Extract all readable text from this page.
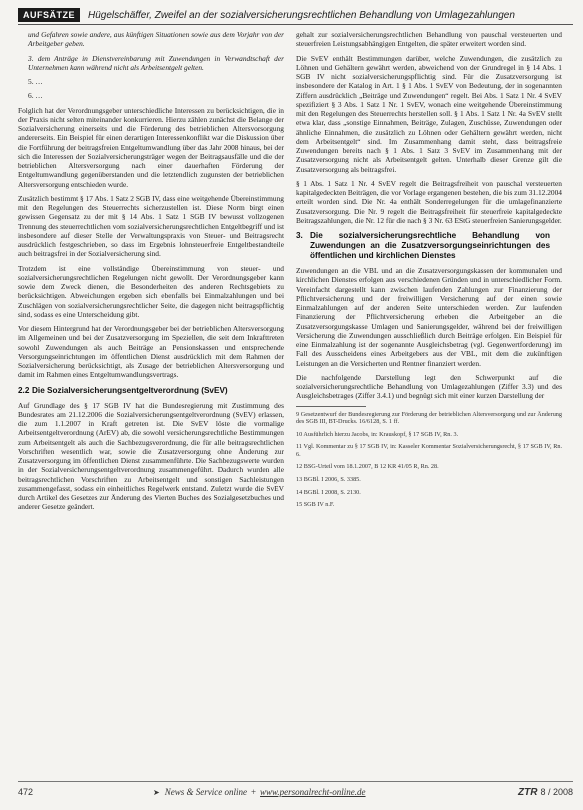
AUFSÄTZE	Hügelschäffer, Zweifel an der sozialversicherungsrechtlichen Behandlung von Umlagezahlungen

und Gefahren sowie andere, aus künftigen Situationen sowie aus dem Vorjahr von der Arbeitgeber geben.

3. dem Anträge in Dienstvereinbarung mit Zuwendungen in Verwandtschaft der Unternehmen kann während nicht als Arbeitsentgelt gelten.

5. …

6. …

Folglich hat der Verordnungsgeber unterschiedliche Interessen zu berücksichtigen, die in der Praxis nicht selten miteinander konkurrieren. Hierzu zählen zunächst die Belange der Sozialversicherung einerseits und die Förderung des betrieblichen Altersvorsorgung andererseits. Ein Beispiel für einen derartigen Interessenkonflikt war die Diskussion über die Fortführung der beitragsfreien Entgeltumwandlung über das Jahr 2008 hinaus, bei der sich die Interessen der Sozialversicherungsträger wegen der Beitragsausfälle und die der betrieblichen Altersversorgung nach einer dauerhaften Förderung der Entgeltumwandlung gegenüberstanden und die letztendlich zugunsten der betrieblichen Altersversorgung entschieden wurde.

Zusätzlich bestimmt § 17 Abs. 1 Satz 2 SGB IV, dass eine weitgehende Übereinstimmung mit den Regelungen des Steuerrechts sicherzustellen ist. Diese Norm birgt einen gewissen Gegensatz zu der mit § 14 Abs. 1 Satz 1 SGB IV bewusst vollzogenen Trennung des steuerrechtlichen vom sozialversicherungsrechtlichen Entgeltbegriff und ist insbesondere auf dieser Stelle der Verwaltungspraxis von Steuer- und Beitragsrecht ausdrücklich festgeschrieben, so dass im Ergebnis lohnsteuerfreie Entgeltbestandteile auch beitragsfrei in der Sozialversicherung sind.

Trotzdem ist eine vollständige Übereinstimmung von steuer- und sozialversicherungsrechtlichen Regelungen nicht gewollt. Der Verordnungsgeber kann sowie dem Zweck dienen, die Besonderheiten des anderen Rechtsgebiets zu berücksichtigen. Abweichungen ergeben sich ebenfalls bei Einmalzahlungen und bei Zuschlägen von sozialversicherungsrechtlicher Seite, die dagegen nicht beitragspflichtig sind, sodass es eine Unterscheidung gibt.

Vor diesem Hintergrund hat der Verordnungsgeber bei der betrieblichen Altersversorgung im Allgemeinen und bei der Zusatzversorgung im Speziellen, die seit dem Inkrafttreten sowohl Zuwendungen als auch Beiträge an Pensionskassen und entsprechende Versorgungseinrichtungen im öffentlichen Dienst ausdrücklich mit dem Rahmen der Sozialversicherung berücksichtigt, als Zusage der betrieblichen Altersversorgung und damit im Rahmen eines Entgeltumwandlungsvertrags.

2.2 Die Sozialversicherungsentgeltverordnung (SvEV)

Auf Grundlage des § 17 SGB IV hat die Bundesregierung mit Zustimmung des Bundesrates am 21.12.2006 die Sozialversicherungsentgeltverordnung (SvEV) erlassen, die zum 1.1.2007 in Kraft getreten ist. Die SvEV löste die vormalige Arbeitsentgeltverordnung (ArEV) ab, die sowohl versicherungsrechtliche Bestimmungen zum Arbeitsentgelt als auch die Sachbezugsverordnung, die für alle beitragsrechtlichen Vorschriften wesentlich war, sowie die Zusatzversorgung ohne Änderung zur Zusatzversorgung im öffentlichen Dienst zusammenführte. Die Sachbezugswerte wurden in der Sozialversicherungsentgeltverordnung zusammengeführt. Dadurch wurden alle beitragsrechtlichen Vorschriften zu Arbeitsentgelt und sonstigen Sachleistungen zusammengefasst, sodass ein einheitliches Regelwerk entstand. Zuletzt wurde die SvEV durch Artikel des Gesetzes zur Änderung des Vierten Buches des Sozialgesetzbuches und anderer Gesetze geändert.

gehalt zur sozialversicherungsrechtlichen Behandlung von pauschal versteuerten und steuerfreien Leistungsabhängigen Entgelten, die später erweitert worden sind.

Die SvEV enthält Bestimmungen darüber, welche Zuwendungen, die zusätzlich zu Löhnen und Gehältern gewährt werden, abweichend von der Grundregel in § 14 Abs. 1 SGB IV nicht sozialversicherungspflichtig sind. Für die Zusatzversorgung ist insbesondere der Katalog in Art. 1 § 1 Abs. 1 SvEV von Bedeutung, der in sogenannten Ziffern ausdrücklich „Beiträge und Zuwendungen“ regelt. Bei Abs. 1 Satz 1 Nr. 4 SvEV spezifiziert § 3 Abs. 1 Satz 1 Nr. 1 SvEV, wonach eine weitgehende Übereinstimmung mit den Regelungen des Steuerrechts herstellen soll. § 1 Abs. 1 Satz 1 Nr. 4a SvEV stellt etwa klar, dass „sonstige Einnahmen, Beiträge, Zulagen, Zuschüsse, Zuwendungen oder ähnliche Einnahmen, die zusätzlich zu Löhnen oder Gehältern gewährt werden, nicht dem Arbeitsentgelt“ sind. Im Zusammenhang damit steht, dass beitragsfreie Zuwendungen bereits nach § 1 Abs. 1 Satz 3 SvEV im Zusammenhang mit der Zusatzversorgung nicht als Arbeitsentgelt gelten. Unterhalb dieser Grenze gilt die Zusatzversorgung als beitragsfrei.

§ 1 Abs. 1 Satz 1 Nr. 4 SvEV regelt die Beitragsfreiheit von pauschal versteuerten kapitalgedeckten Beiträgen, die vor Vorlage ergangenen bestehen, die bis zum 31.12.2004 erteilt worden sind. Die Nr. 4a enthält Sonderregelungen für die umlagefinanzierte Zusatzversorgung. Die Nr. 9 regelt die Beitragsfreiheit für steuerfreie kapitalgedeckte Beitragszahlungen, die Nr. 12 für die nach § 3 Nr. 63 EStG steuerfreien Sanierungsgelder.

3. Die sozialversicherungsrechtliche Behandlung von Zuwendungen an die Zusatzversorgungseinrichtungen des öffentlichen und kirchlichen Dienstes

Zuwendungen an die VBL und an die Zusatzversorgungskassen der kommunalen und kirchlichen Dienstes erfolgen aus verschiedenen Gründen und in unterschiedlicher Form. Vereinfacht dargestellt kann zwischen laufenden Zahlungen zur Finanzierung der Pflichtversicherung und der freiwilligen Versicherung auf der einen sowie Einmalzahlungen auf der anderen Seite unterschieden werden. Zur laufenden Finanzierung der Pflichtversicherung erheben die Arbeitgeber an die Zusatzversorgungskasse Umlagen und Sanierungsgelder, während bei der freiwilligen Versicherung die Zuwendungen ausschließlich durch Beiträge erfolgen. Ein Beispiel für eine Einmalzahlung ist der sogenannte Ausgleichsbetrag (vgl. Gegenwertforderung) im Fall des Ausscheidens eines Arbeitgebers aus der VBL, mit dem die zukünftigen Leistungen an die Versicherten und Rentner finanziert werden.

Die nachfolgende Darstellung legt den Schwerpunkt auf die sozialversicherungsrechtliche Behandlung von Umlagezahlungen (Ziffer 3.3) und des Ausgleichsbetrages (Ziffer 3.4.1) und begnügt sich mit einer kurzen Darstellung der

9 Gesetzentwurf der Bundesregierung zur Förderung der betrieblichen Altersversorgung und zur Änderung des SGB III, BT-Drucks. 16/6128, S. 1 ff.

10 Ausführlich hierzu Jacobs, in: Krauskopf, § 17 SGB IV, Rn. 3.

11 Vgl. Kommentar zu § 17 SGB IV, in: Kasseler Kommentar Sozialversicherungsrecht, § 17 SGB IV, Rn. 6.

12 BSG-Urteil vom 18.1.2007, B 12 KR 41/05 R, Rn. 28.

13 BGBl. I 2006, S. 3385.

14 BGBl. I 2008, S. 2130.

15 SGB IV n.F.

472	➤ News & Service online + www.personalrecht-online.de	ZTR 8 / 2008
